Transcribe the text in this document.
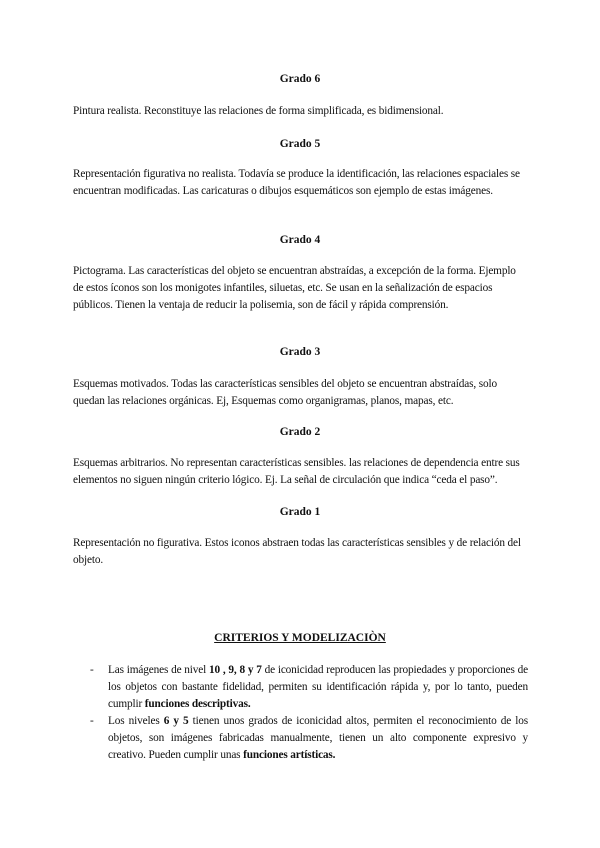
Grado 6

Pintura realista. Reconstituye las relaciones de forma simplificada, es bidimensional.

Grado 5

Representación figurativa no realista. Todavía se produce la identificación, las relaciones espaciales se encuentran modificadas. Las caricaturas o dibujos esquemáticos son ejemplo de estas imágenes.

Grado 4

Pictograma. Las características del objeto se encuentran abstraídas, a excepción de la forma. Ejemplo de estos íconos son los monigotes infantiles, siluetas, etc. Se usan en la señalización de espacios públicos. Tienen la ventaja de reducir la polisemia, son de fácil y rápida comprensión.

Grado 3

Esquemas motivados. Todas las características sensibles del objeto se encuentran abstraídas, solo quedan las relaciones orgánicas. Ej, Esquemas como organigramas, planos, mapas, etc.

Grado 2

Esquemas arbitrarios. No representan características sensibles. las relaciones de dependencia entre sus elementos no siguen ningún criterio lógico. Ej. La señal de circulación que indica “ceda el paso”.

Grado 1

Representación no figurativa. Estos iconos abstraen todas las características sensibles y de relación del objeto.

CRITERIOS Y MODELIZACIÒN
- Las imágenes de nivel 10 , 9, 8 y 7 de iconicidad reproducen las propiedades y proporciones de los objetos con bastante fidelidad, permiten su identificación rápida y, por lo tanto, pueden cumplir funciones descriptivas.
- Los niveles 6 y 5 tienen unos grados de iconicidad altos, permiten el reconocimiento de los objetos, son imágenes fabricadas manualmente, tienen un alto componente expresivo y creativo. Pueden cumplir unas funciones artísticas.
